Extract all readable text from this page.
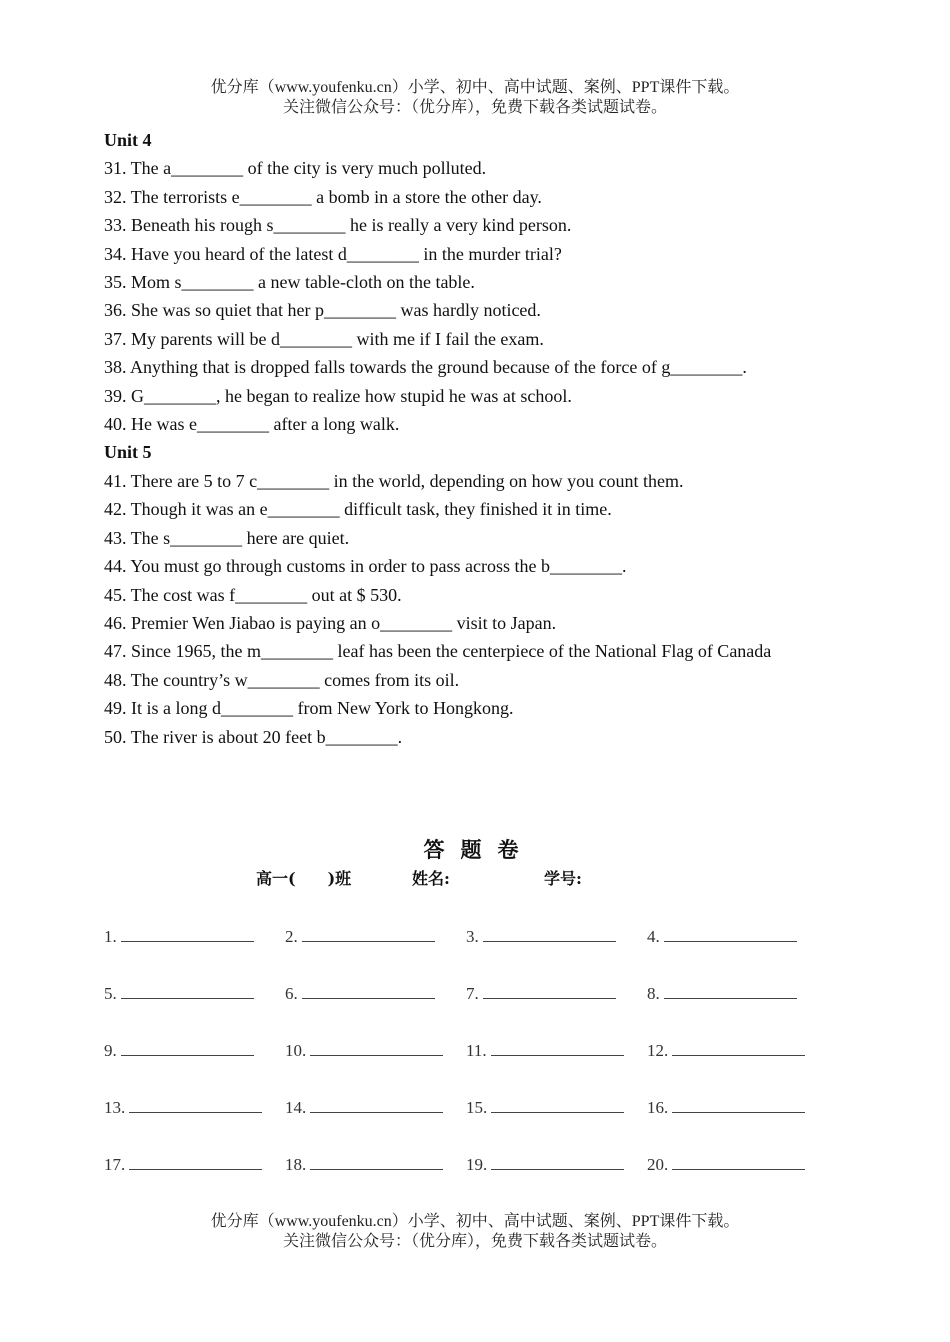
优分库（www.youfenku.cn）小学、初中、高中试题、案例、PPT课件下载。
关注微信公众号：（优分库），免费下载各类试题试卷。
Unit 4
31. The a________ of the city is very much polluted.
32. The terrorists e________ a bomb in a store the other day.
33. Beneath his rough s________ he is really a very kind person.
34. Have you heard of the latest d________ in the murder trial?
35. Mom s________ a new table-cloth on the table.
36. She was so quiet that her p________ was hardly noticed.
37. My parents will be d________ with me if I fail the exam.
38. Anything that is dropped falls towards the ground because of the force of g________.
39. G________, he began to realize how stupid he was at school.
40. He was e________ after a long walk.
Unit 5
41. There are 5 to 7 c________ in the world, depending on how you count them.
42. Though it was an e________ difficult task, they finished it in time.
43. The s________ here are quiet.
44. You must go through customs in order to pass across the b________.
45. The cost was f________ out at $ 530.
46. Premier Wen Jiabao is paying an o________ visit to Japan.
47. Since 1965, the m________ leaf has been the centerpiece of the National Flag of Canada
48. The country’s w________ comes from its oil.
49. It is a long d________ from New York to Hongkong.
50. The river is about 20 feet b________.
答题卷
高一(　　)班	姓名:	学号:
1.	2.	3.	4.
5.	6.	7.	8.
9.	10.	11.	12.
13.	14.	15.	16.
17.	18.	19.	20.
优分库（www.youfenku.cn）小学、初中、高中试题、案例、PPT课件下载。
关注微信公众号：（优分库），免费下载各类试题试卷。
